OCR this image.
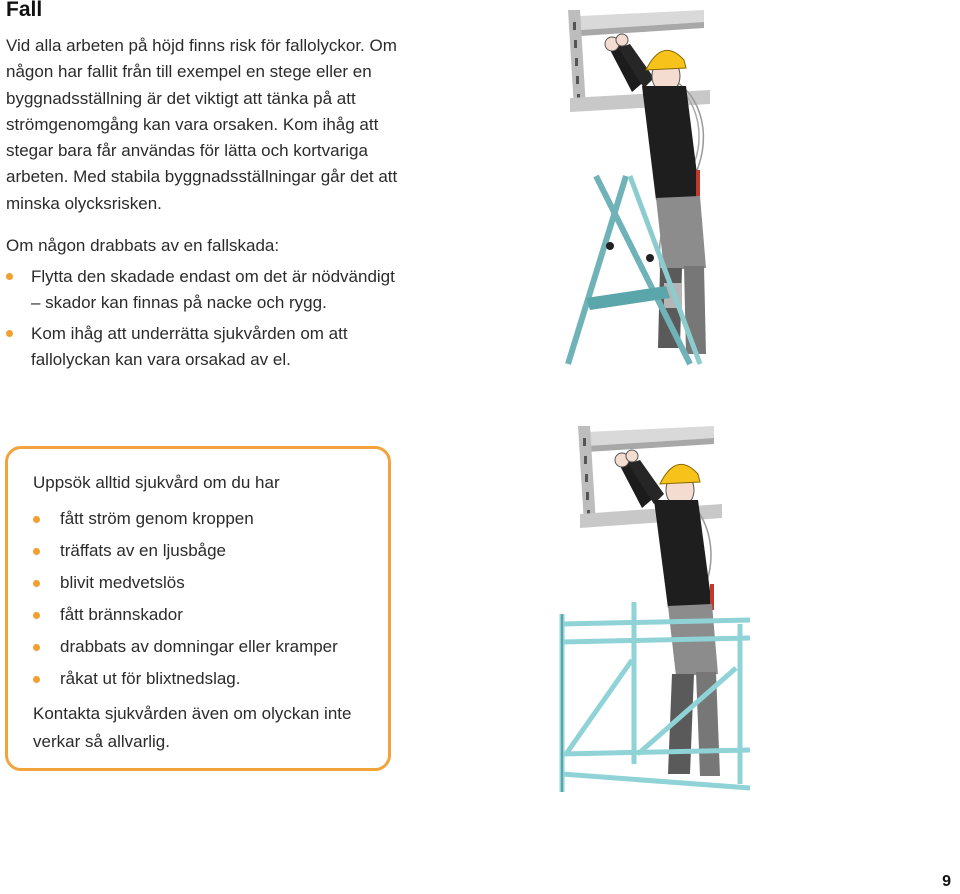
Fall

Vid alla arbeten på höjd finns risk för fallolyckor. Om någon har fallit från till exempel en stege eller en byggnadsställning är det viktigt att tänka på att strömgenomgång kan vara orsaken. Kom ihåg att stegar bara får användas för lätta och kortvariga arbeten. Med stabila byggnadsställningar går det att minska olycksrisken.

Om någon drabbats av en fallskada:

Flytta den skadade endast om det är nödvändigt – skador kan finnas på nacke och rygg.
Kom ihåg att underrätta sjukvården om att fallolyckan kan vara orsakad av el.

Uppsök alltid sjukvård om du har

fått ström genom kroppen
träffats av en ljusbåge
blivit medvetslös
fått brännskador
drabbats av domningar eller kramper
råkat ut för blixtnedslag.

Kontakta sjukvården även om olyckan inte verkar så allvarlig.

9
